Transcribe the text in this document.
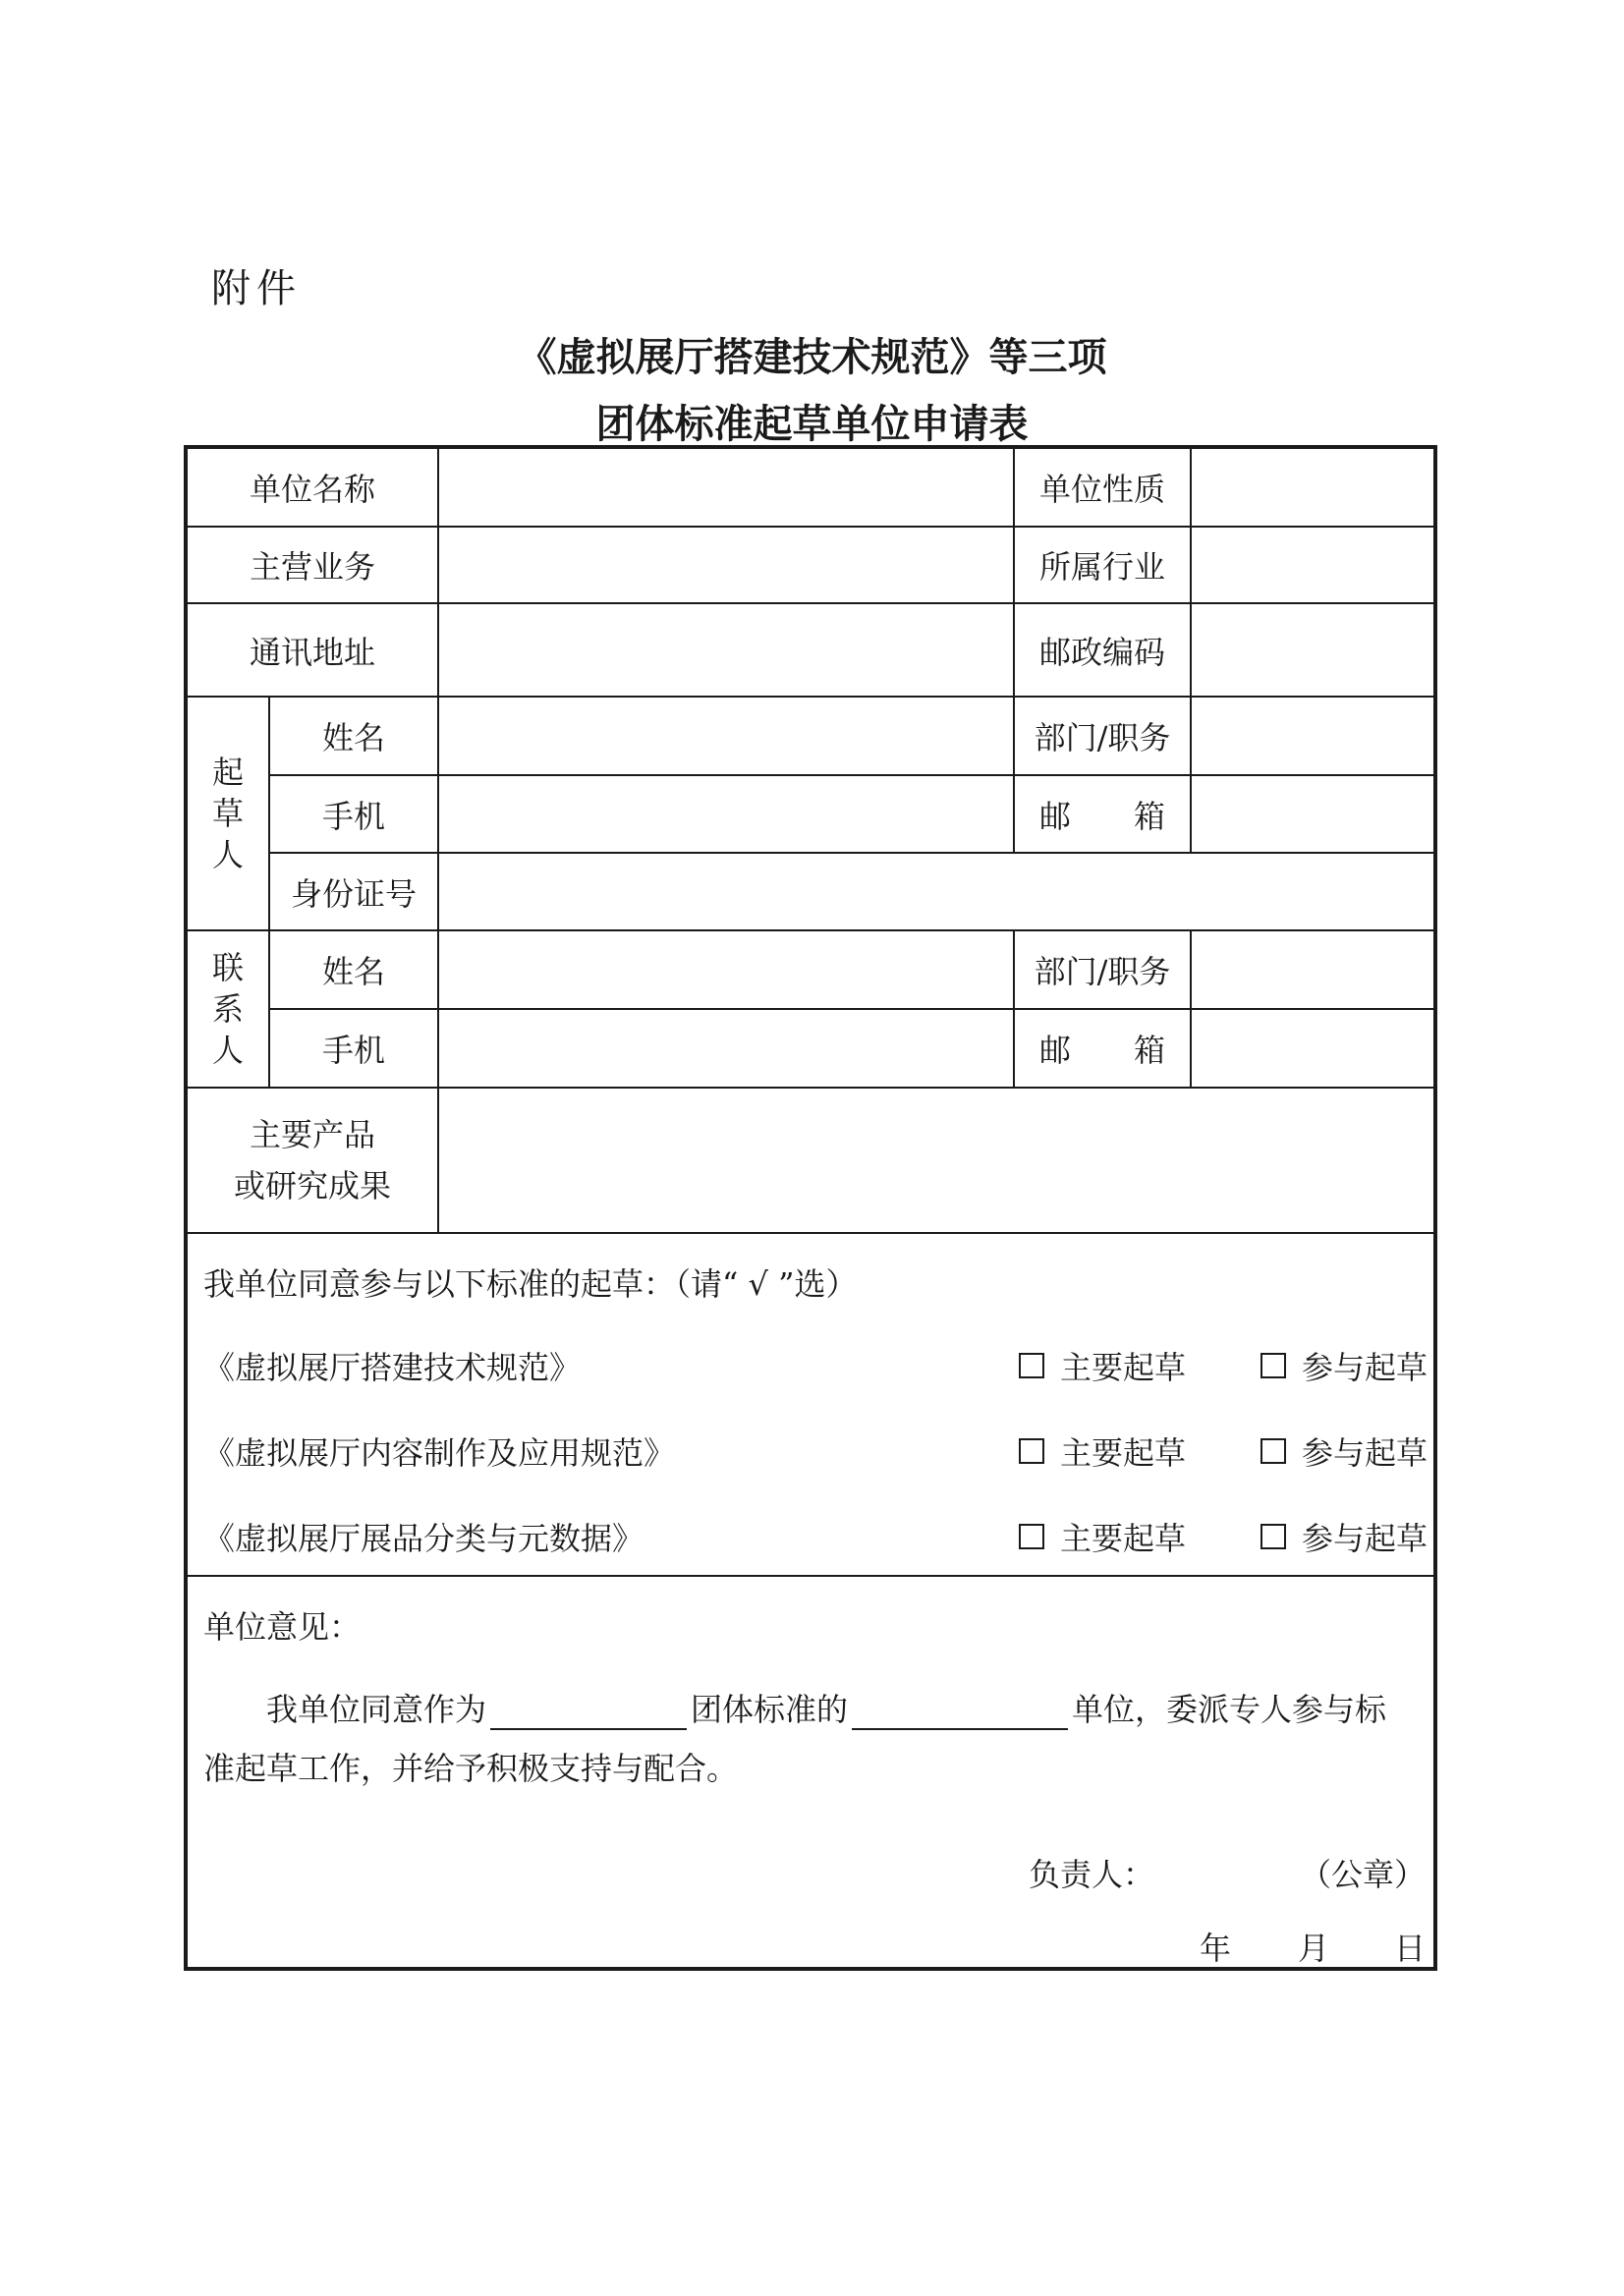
附件
《虚拟展厅搭建技术规范》等三项
团体标准起草单位申请表
单位名称	单位性质
主营业务	所属行业
通讯地址	邮政编码
起
草
人
姓名	部门/职务
手机	邮　　箱
身份证号
联
系
人
姓名	部门/职务
手机	邮　　箱
主要产品
或研究成果
我单位同意参与以下标准的起草：（请“ √ ”选）
《虚拟展厅搭建技术规范》	主要起草	参与起草
《虚拟展厅内容制作及应用规范》	主要起草	参与起草
《虚拟展厅展品分类与元数据》	主要起草	参与起草
单位意见：
我单位同意作为	团体标准的	单位，委派专人参与标
准起草工作，并给予积极支持与配合。
负责人：	（公章）
年 月 日
